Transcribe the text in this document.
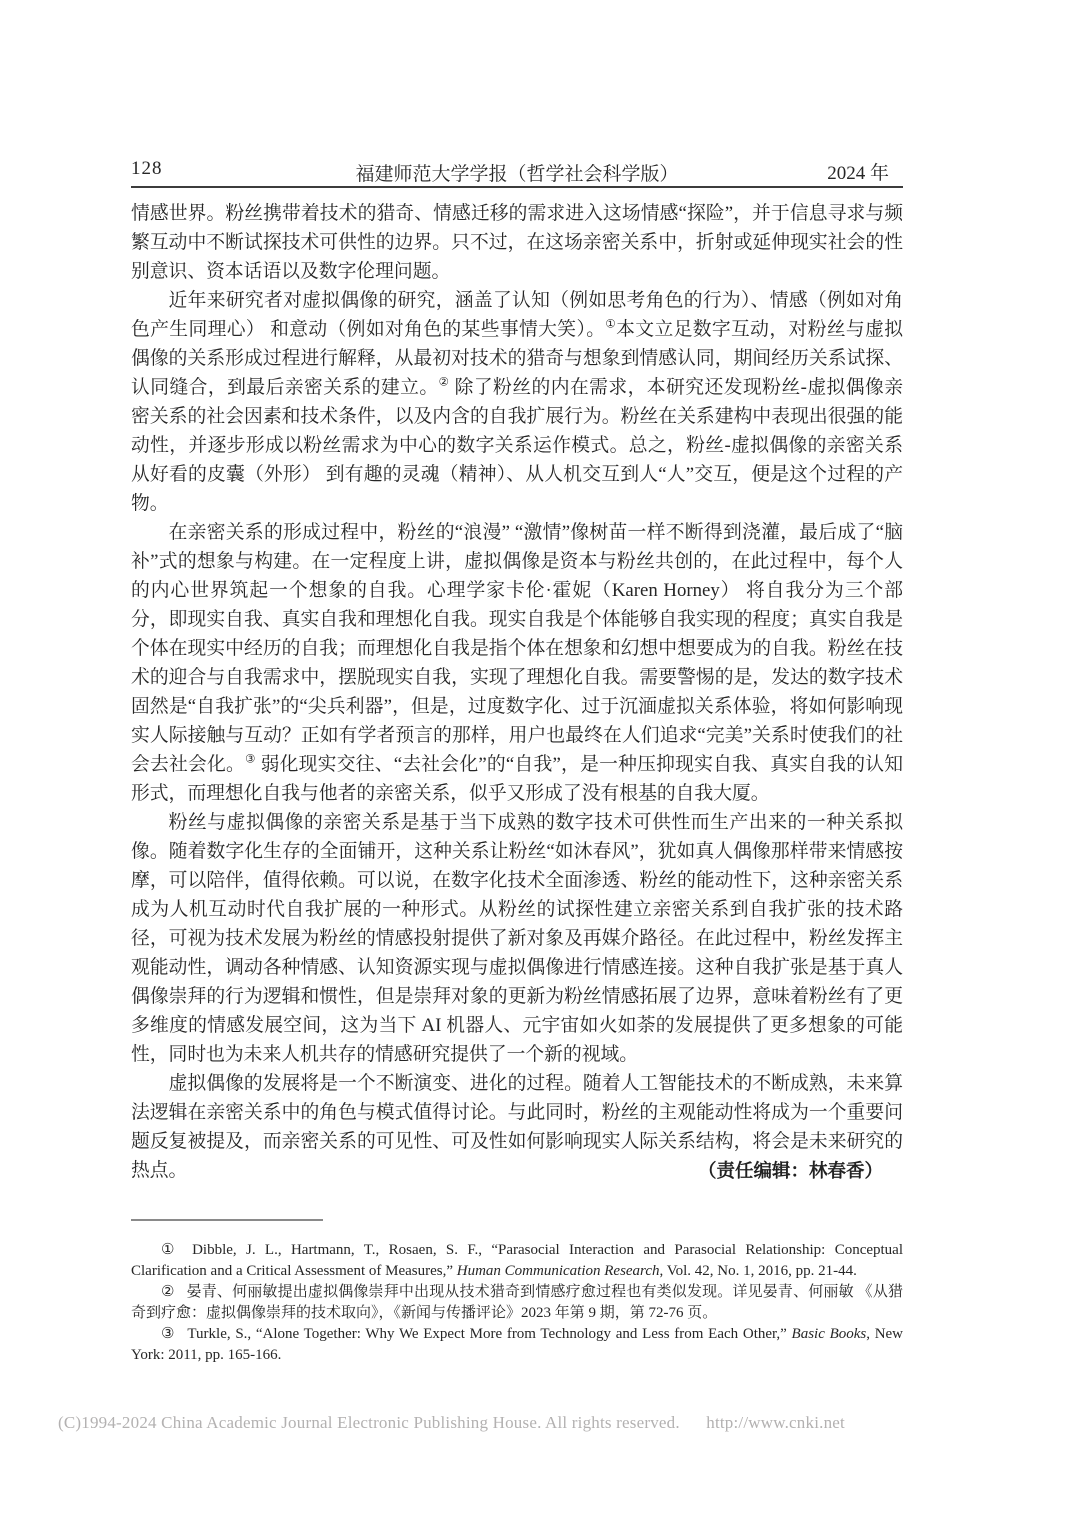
128	福建师范大学学报（哲学社会科学版）	2024 年

情感世界。粉丝携带着技术的猎奇、情感迁移的需求进入这场情感“探险”，并于信息寻求与频繁互动中不断试探技术可供性的边界。只不过，在这场亲密关系中，折射或延伸现实社会的性别意识、资本话语以及数字伦理问题。

近年来研究者对虚拟偶像的研究，涵盖了认知（例如思考角色的行为）、情感（例如对角色产生同理心） 和意动（例如对角色的某些事情大笑）。①本文立足数字互动，对粉丝与虚拟偶像的关系形成过程进行解释，从最初对技术的猎奇与想象到情感认同，期间经历关系试探、认同缝合，到最后亲密关系的建立。② 除了粉丝的内在需求，本研究还发现粉丝-虚拟偶像亲密关系的社会因素和技术条件，以及内含的自我扩展行为。粉丝在关系建构中表现出很强的能动性，并逐步形成以粉丝需求为中心的数字关系运作模式。总之，粉丝-虚拟偶像的亲密关系从好看的皮囊（外形） 到有趣的灵魂（精神）、从人机交互到人“人”交互，便是这个过程的产物。

在亲密关系的形成过程中，粉丝的“浪漫” “激情”像树苗一样不断得到浇灌，最后成了“脑补”式的想象与构建。在一定程度上讲，虚拟偶像是资本与粉丝共创的，在此过程中，每个人的内心世界筑起一个想象的自我。心理学家卡伦·霍妮（Karen Horney） 将自我分为三个部分，即现实自我、真实自我和理想化自我。现实自我是个体能够自我实现的程度；真实自我是个体在现实中经历的自我；而理想化自我是指个体在想象和幻想中想要成为的自我。粉丝在技术的迎合与自我需求中，摆脱现实自我，实现了理想化自我。需要警惕的是，发达的数字技术固然是“自我扩张”的“尖兵利器”，但是，过度数字化、过于沉湎虚拟关系体验，将如何影响现实人际接触与互动？正如有学者预言的那样，用户也最终在人们追求“完美”关系时使我们的社会去社会化。③ 弱化现实交往、“去社会化”的“自我”，是一种压抑现实自我、真实自我的认知形式，而理想化自我与他者的亲密关系，似乎又形成了没有根基的自我大厦。

粉丝与虚拟偶像的亲密关系是基于当下成熟的数字技术可供性而生产出来的一种关系拟像。随着数字化生存的全面铺开，这种关系让粉丝“如沐春风”，犹如真人偶像那样带来情感按摩，可以陪伴，值得依赖。可以说，在数字化技术全面渗透、粉丝的能动性下，这种亲密关系成为人机互动时代自我扩展的一种形式。从粉丝的试探性建立亲密关系到自我扩张的技术路径，可视为技术发展为粉丝的情感投射提供了新对象及再媒介路径。在此过程中，粉丝发挥主观能动性，调动各种情感、认知资源实现与虚拟偶像进行情感连接。这种自我扩张是基于真人偶像崇拜的行为逻辑和惯性，但是崇拜对象的更新为粉丝情感拓展了边界，意味着粉丝有了更多维度的情感发展空间，这为当下 AI 机器人、元宇宙如火如荼的发展提供了更多想象的可能性，同时也为未来人机共存的情感研究提供了一个新的视域。

虚拟偶像的发展将是一个不断演变、进化的过程。随着人工智能技术的不断成熟，未来算法逻辑在亲密关系中的角色与模式值得讨论。与此同时，粉丝的主观能动性将成为一个重要问题反复被提及，而亲密关系的可见性、可及性如何影响现实人际关系结构，将会是未来研究的热点。	（责任编辑：林春香）

① Dibble, J. L., Hartmann, T., Rosaen, S. F., “Parasocial Interaction and Parasocial Relationship: Conceptual Clarification and a Critical Assessment of Measures,” Human Communication Research, Vol. 42, No. 1, 2016, pp. 21-44.

② 晏青、何丽敏提出虚拟偶像崇拜中出现从技术猎奇到情感疗愈过程也有类似发现。详见晏青、何丽敏 《从猎奇到疗愈：虚拟偶像崇拜的技术取向》，《新闻与传播评论》2023 年第 9 期，第 72-76 页。

③ Turkle, S., “Alone Together: Why We Expect More from Technology and Less from Each Other,” Basic Books, New York: 2011, pp. 165-166.

(C)1994-2024 China Academic Journal Electronic Publishing House. All rights reserved. http://www.cnki.net
